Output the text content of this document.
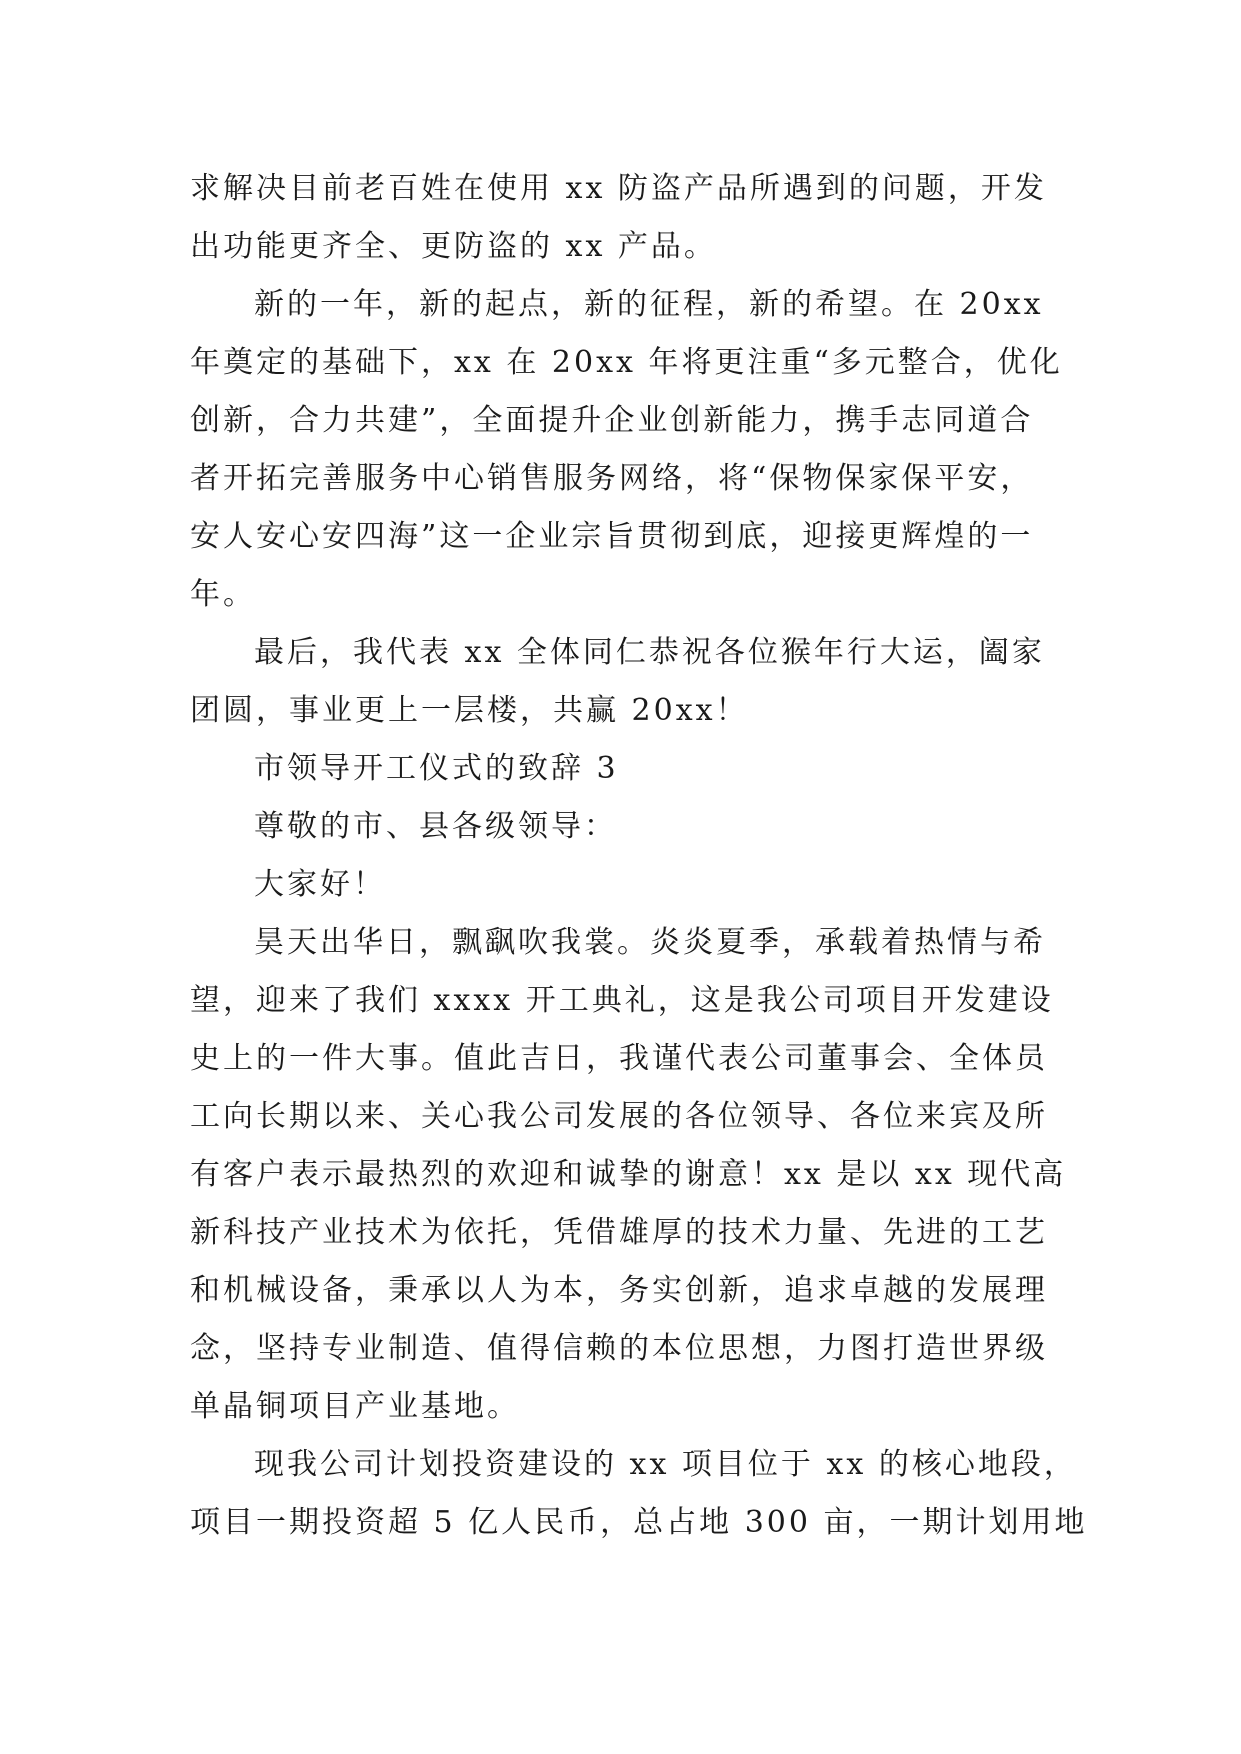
求解决目前老百姓在使用 xx 防盗产品所遇到的问题，开发
出功能更齐全、更防盗的 xx 产品。
新的一年，新的起点，新的征程，新的希望。在 20xx
年奠定的基础下，xx 在 20xx 年将更注重“多元整合，优化
创新，合力共建”，全面提升企业创新能力，携手志同道合
者开拓完善服务中心销售服务网络，将“保物保家保平安，
安人安心安四海”这一企业宗旨贯彻到底，迎接更辉煌的一
年。
最后，我代表 xx 全体同仁恭祝各位猴年行大运，阖家
团圆，事业更上一层楼，共赢 20xx！
市领导开工仪式的致辞 3
尊敬的市、县各级领导：
大家好！
昊天出华日，飘飖吹我裳。炎炎夏季，承载着热情与希
望，迎来了我们 xxxx 开工典礼，这是我公司项目开发建设
史上的一件大事。值此吉日，我谨代表公司董事会、全体员
工向长期以来、关心我公司发展的各位领导、各位来宾及所
有客户表示最热烈的欢迎和诚挚的谢意！xx 是以 xx 现代高
新科技产业技术为依托，凭借雄厚的技术力量、先进的工艺
和机械设备，秉承以人为本，务实创新，追求卓越的发展理
念，坚持专业制造、值得信赖的本位思想，力图打造世界级
单晶铜项目产业基地。
现我公司计划投资建设的 xx 项目位于 xx 的核心地段，
项目一期投资超 5 亿人民币，总占地 300 亩，一期计划用地
